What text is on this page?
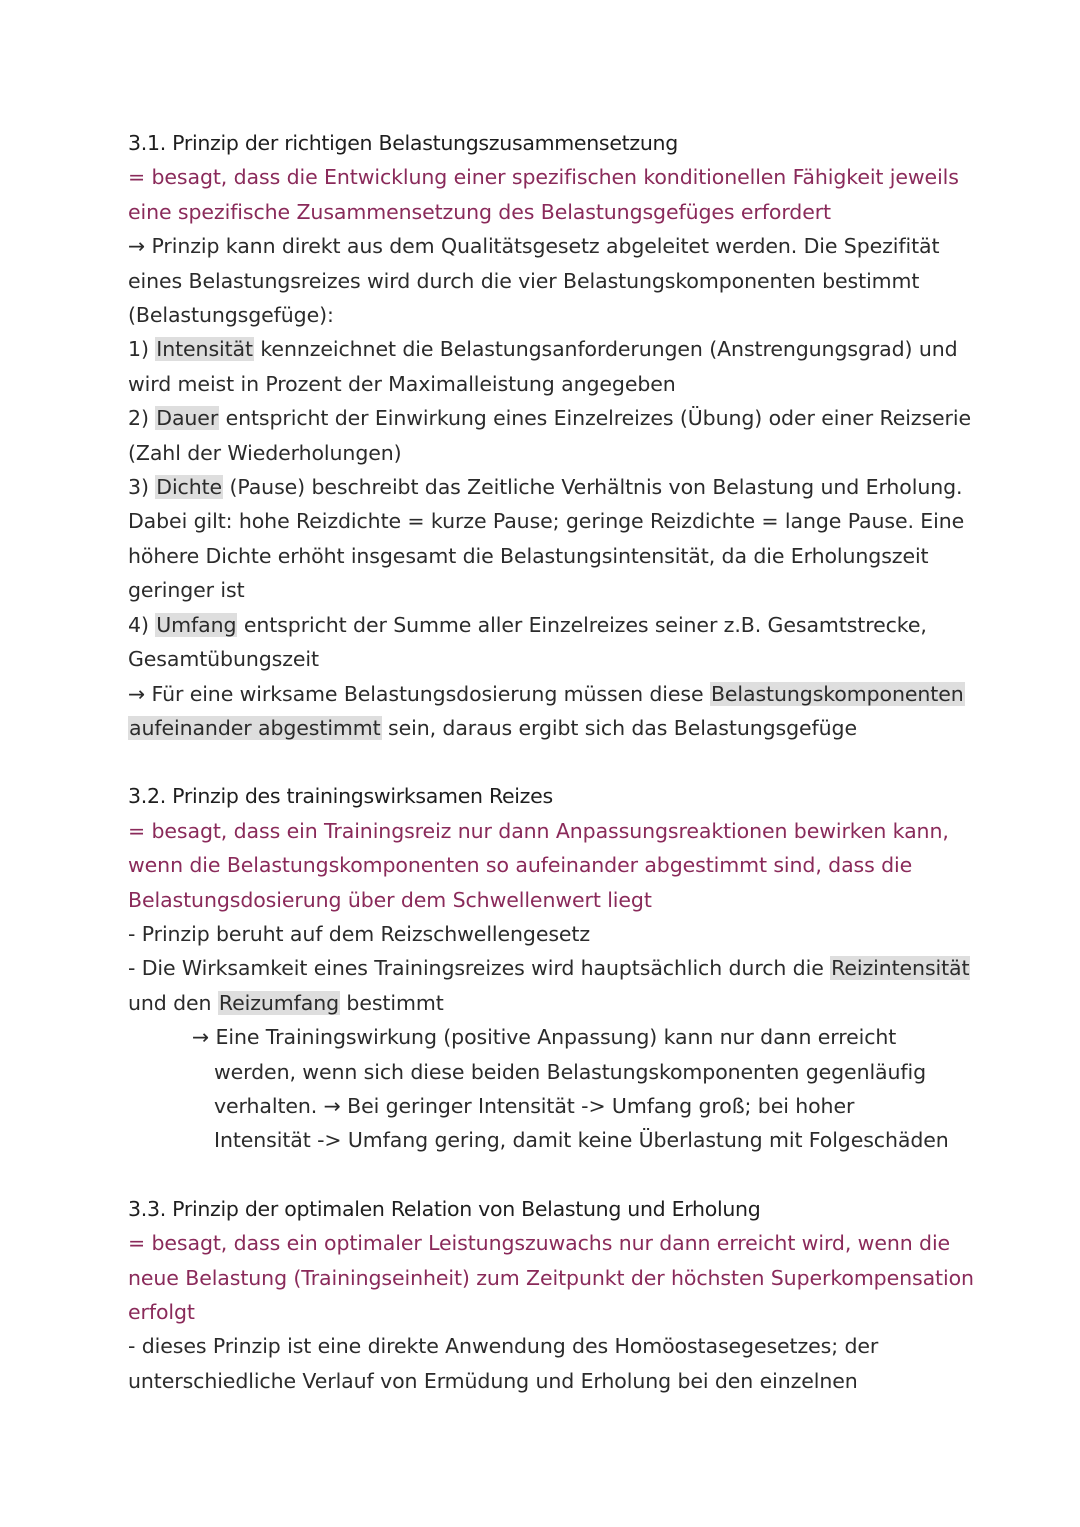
3.1. Prinzip der richtigen Belastungszusammensetzung
= besagt, dass die Entwicklung einer spezifischen konditionellen Fähigkeit jeweils
eine spezifische Zusammensetzung des Belastungsgefüges erfordert
→ Prinzip kann direkt aus dem Qualitätsgesetz abgeleitet werden. Die Spezifität
eines Belastungsreizes wird durch die vier Belastungskomponenten bestimmt
(Belastungsgefüge):
1) Intensität kennzeichnet die Belastungsanforderungen (Anstrengungsgrad) und
wird meist in Prozent der Maximalleistung angegeben
2) Dauer entspricht der Einwirkung eines Einzelreizes (Übung) oder einer Reizserie
(Zahl der Wiederholungen)
3) Dichte (Pause) beschreibt das Zeitliche Verhältnis von Belastung und Erholung.
Dabei gilt: hohe Reizdichte = kurze Pause; geringe Reizdichte = lange Pause. Eine
höhere Dichte erhöht insgesamt die Belastungsintensität, da die Erholungszeit
geringer ist
4) Umfang entspricht der Summe aller Einzelreizes seiner z.B. Gesamtstrecke,
Gesamtübungszeit
→ Für eine wirksame Belastungsdosierung müssen diese Belastungskomponenten
aufeinander abgestimmt sein, daraus ergibt sich das Belastungsgefüge
3.2. Prinzip des trainingswirksamen Reizes
= besagt, dass ein Trainingsreiz nur dann Anpassungsreaktionen bewirken kann,
wenn die Belastungskomponenten so aufeinander abgestimmt sind, dass die
Belastungsdosierung über dem Schwellenwert liegt
- Prinzip beruht auf dem Reizschwellengesetz
- Die Wirksamkeit eines Trainingsreizes wird hauptsächlich durch die Reizintensität
und den Reizumfang bestimmt
→ Eine Trainingswirkung (positive Anpassung) kann nur dann erreicht
werden, wenn sich diese beiden Belastungskomponenten gegenläufig
verhalten. → Bei geringer Intensität -> Umfang groß; bei hoher
Intensität -> Umfang gering, damit keine Überlastung mit Folgeschäden
3.3. Prinzip der optimalen Relation von Belastung und Erholung
= besagt, dass ein optimaler Leistungszuwachs nur dann erreicht wird, wenn die
neue Belastung (Trainingseinheit) zum Zeitpunkt der höchsten Superkompensation
erfolgt
- dieses Prinzip ist eine direkte Anwendung des Homöostasegesetzes; der
unterschiedliche Verlauf von Ermüdung und Erholung bei den einzelnen
